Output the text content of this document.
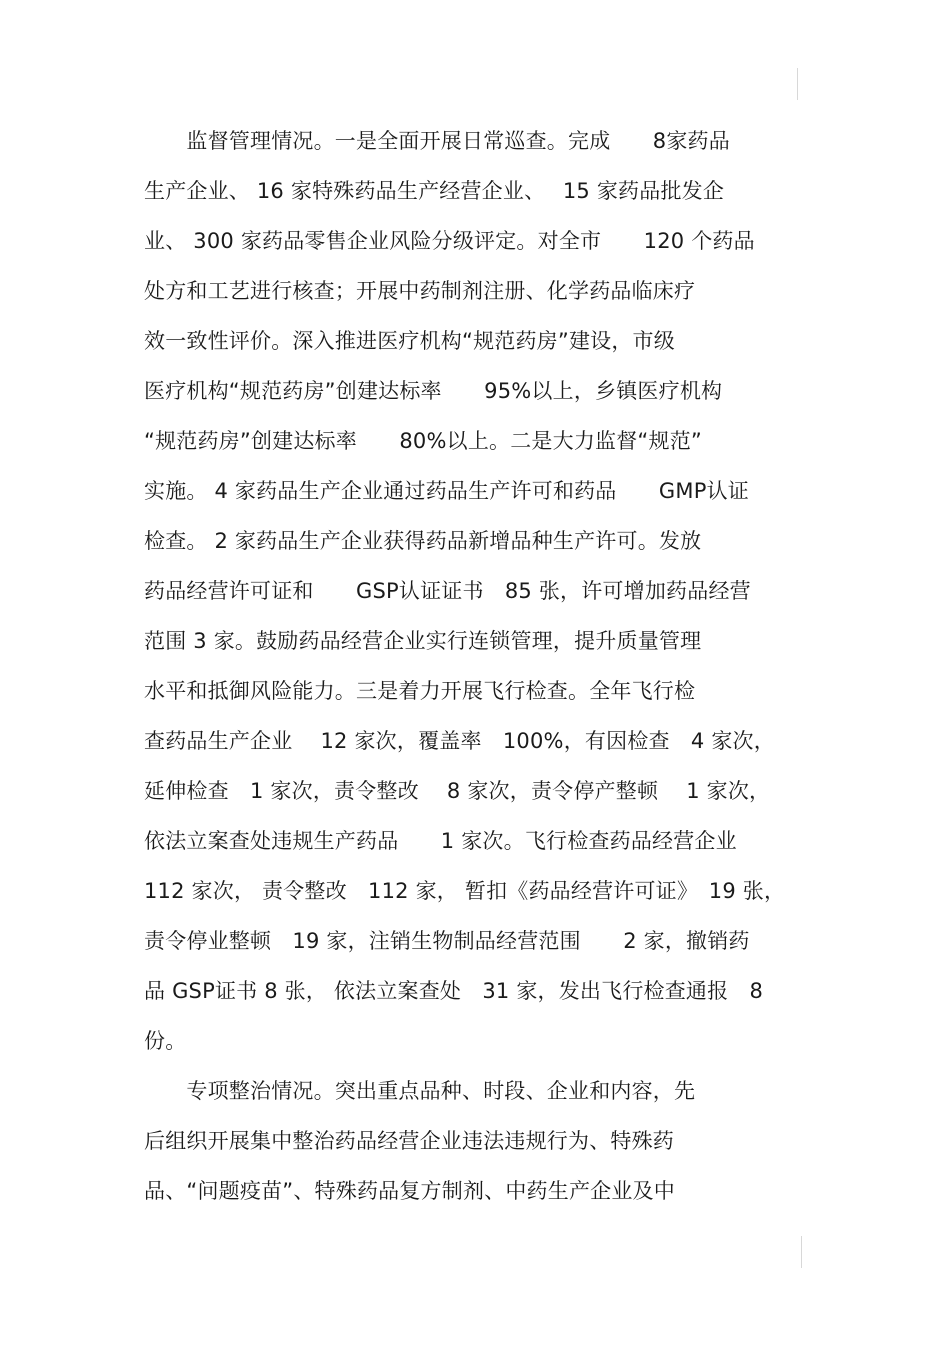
　　监督管理情况。一是全面开展日常巡查。完成　　8家药品
生产企业、 16 家特殊药品生产经营企业、　 15 家药品批发企
业、 300 家药品零售企业风险分级评定。对全市　　120 个药品
处方和工艺进行核查；开展中药制剂注册、化学药品临床疗
效一致性评价。深入推进医疗机构“规范药房”建设，市级
医疗机构“规范药房”创建达标率　　95%以上，乡镇医疗机构
“规范药房”创建达标率　　80%以上。二是大力监督“规范”
实施。 4 家药品生产企业通过药品生产许可和药品　　GMP认证
检查。 2 家药品生产企业获得药品新增品种生产许可。发放
药品经营许可证和　　GSP认证证书　85 张，许可增加药品经营
范围 3 家。鼓励药品经营企业实行连锁管理，提升质量管理
水平和抵御风险能力。三是着力开展飞行检查。全年飞行检
查药品生产企业　 12 家次，覆盖率　100%，有因检查　4 家次，
延伸检查　1 家次，责令整改　 8 家次，责令停产整顿　 1 家次，
依法立案查处违规生产药品　　1 家次。飞行检查药品经营企业
112 家次， 责令整改　112 家， 暂扣《药品经营许可证》　19 张，
责令停业整顿　19 家，注销生物制品经营范围　　2 家，撤销药
品 GSP证书 8 张， 依法立案查处　31 家，发出飞行检查通报　8
份。
　　专项整治情况。突出重点品种、时段、企业和内容，先
后组织开展集中整治药品经营企业违法违规行为、特殊药
品、“问题疫苗”、特殊药品复方制剂、中药生产企业及中
